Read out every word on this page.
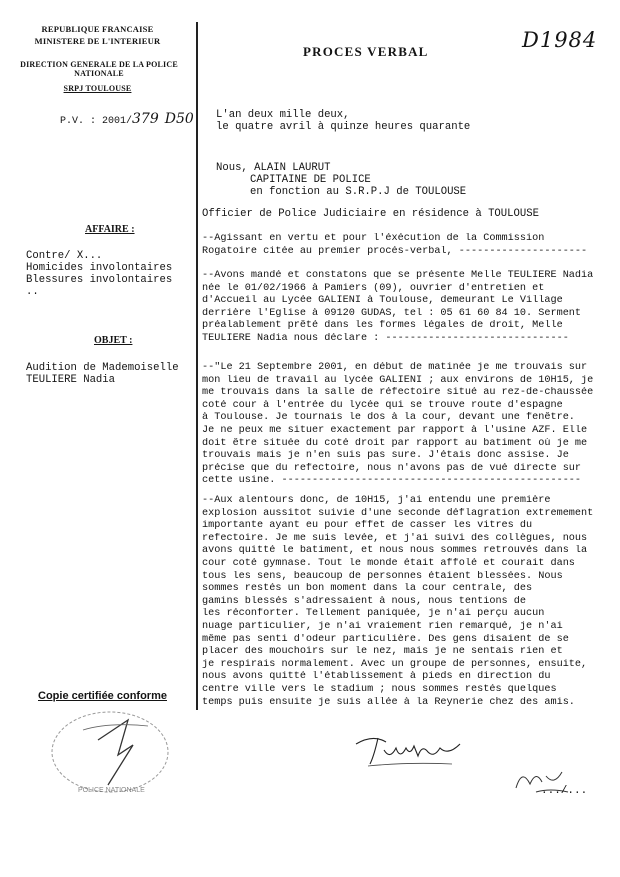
REPUBLIQUE FRANCAISE
MINISTERE DE L'INTERIEUR
DIRECTION GENERALE DE LA POLICE NATIONALE
SRPJ TOULOUSE
P.V. : 2001/379 D50
D1984
PROCES VERBAL
L'an deux mille deux,
le quatre avril à quinze heures quarante
Nous, ALAIN LAURUT
CAPITAINE DE POLICE
en fonction au S.R.P.J de TOULOUSE
Officier de Police Judiciaire en résidence à TOULOUSE
AFFAIRE :
Contre/ X...
Homicides involontaires
Blessures involontaires
..
OBJET :
Audition de Mademoiselle
TEULIERE Nadia
--Agissant en vertu et pour l'éxécution de la Commission
Rogatoire citée au premier procés-verbal, ---------------------
--Avons mandé et constatons que se présente Melle TEULIERE Nadia
née le 01/02/1966 à Pamiers (09), ouvrier d'entretien et
d'Accueil au Lycée GALIENI à Toulouse, demeurant Le Village
derrière l'Eglise à 09120 GUDAS, tel : 05 61 60 84 10. Serment
préalablement prêté dans les formes légales de droit, Melle
TEULIERE Nadia nous déclare : ------------------------------
--"Le 21 Septembre 2001, en début de matinée je me trouvais sur
mon lieu de travail au lycée GALIENI ; aux environs de 10H15, je
me trouvais dans la salle de réfectoire situé au rez-de-chaussée
coté cour à l'entrée du lycée qui se trouve route d'espagne
à Toulouse. Je tournais le dos à la cour, devant une fenêtre.
Je ne peux me situer exactement par rapport à l'usine AZF. Elle
doit être située du coté droit par rapport au batiment où je me
trouvais mais je n'en suis pas sure. J'étais donc assise. Je
précise que du refectoire, nous n'avons pas de vué directe sur
cette usine. -------------------------------------------------
--Aux alentours donc, de 10H15, j'ai entendu une première
explosion aussitot suivie d'une seconde déflagration extremement
importante ayant eu pour effet de casser les vitres du
refectoire. Je me suis levée, et j'ai suivi des collègues, nous
avons quitté le batiment, et nous nous sommes retrouvés dans la
cour coté gymnase. Tout le monde était affolé et courait dans
tous les sens, beaucoup de personnes étaient blessées. Nous
sommes restés un bon moment dans la cour centrale, des
gamins blessés s'adressaient à nous, nous tentions de
les réconforter. Tellement paniquée, je n'ai perçu aucun
nuage particulier, je n'ai vraiement rien remarqué, je n'ai
même pas senti d'odeur particulière. Des gens disaient de se
placer des mouchoirs sur le nez, mais je ne sentais rien et
je respirais normalement. Avec un groupe de personnes, ensuite,
nous avons quitté l'établissement à pieds en direction du
centre ville vers le stadium ; nous sommes restés quelques
temps puis ensuite je suis allée à la Reynerie chez des amis.
Copie certifiée conforme
POLICE NATIONALE	.../...
